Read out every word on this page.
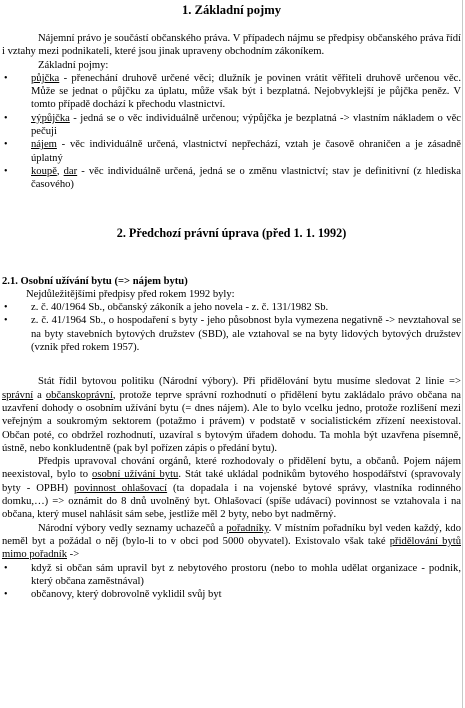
1. Základní pojmy

Nájemní právo je součástí občanského práva. V případech nájmu se předpisy občanského práva řídí i vztahy mezi podnikateli, které jsou jinak upraveny obchodním zákoníkem.

Základní pojmy:

• půjčka - přenechání druhově určené věci; dlužník je povinen vrátit věřiteli druhově určenou věc. Může se jednat o půjčku za úplatu, může však být i bezplatná. Nejobvyklejší je půjčka peněz. V tomto případě dochází k přechodu vlastnictví.
• výpůjčka - jedná se o věc individuálně určenou; výpůjčka je bezplatná -> vlastním nákladem o věc pečuji
• nájem - věc individuálně určená, vlastnictví nepřechází, vztah je časově ohraničen a je zásadně úplatný
• koupě, dar - věc individuálně určená, jedná se o změnu vlastnictví; stav je definitivní (z hlediska časového)
2. Předchozí právní úprava (před 1. 1. 1992)
2.1. Osobní užívání bytu (=> nájem bytu)

Nejdůležitějšími předpisy před rokem 1992 byly:

• z. č. 40/1964 Sb., občanský zákoník a jeho novela - z. č. 131/1982 Sb.
• z. č. 41/1964 Sb., o hospodaření s byty - jeho působnost byla vymezena negativně -> nevztahoval se na byty stavebních bytových družstev (SBD), ale vztahoval se na byty lidových bytových družstev (vznik před rokem 1957).

Stát řídil bytovou politiku (Národní výbory). Při přidělování bytu musíme sledovat 2 linie => správní a občanskoprávní, protože teprve správní rozhodnutí o přidělení bytu zakládalo právo občana na uzavření dohody o osobním užívání bytu (= dnes nájem). Ale to bylo vcelku jedno, protože rozlišení mezi veřejným a soukromým sektorem (potažmo i právem) v podstatě v socialistickém zřízení neexistoval. Občan poté, co obdržel rozhodnutí, uzavíral s bytovým úřadem dohodu. Ta mohla být uzavřena písemně, ústně, nebo konkludentně (pak byl pořízen zápis o předání bytu).

Předpis upravoval chování orgánů, které rozhodovaly o přidělení bytu, a občanů. Pojem nájem neexistoval, bylo to osobní užívání bytu. Stát také ukládal podnikům bytového hospodářství (spravovaly byty - OPBH) povinnost ohlašovací (ta dopadala i na vojenské bytové správy, vlastníka rodinného domku,…) => oznámit do 8 dnů uvolněný byt. Ohlašovací (spíše udávací) povinnost se vztahovala i na občana, který musel nahlásit sám sebe, jestliže měl 2 byty, nebo byt nadměrný.

Národní výbory vedly seznamy uchazečů a pořadníky. V místním pořadníku byl veden každý, kdo neměl byt a požádal o něj (bylo-li to v obci pod 5000 obyvatel). Existovalo však také přidělování bytů mimo pořadník ->

• když si občan sám upravil byt z nebytového prostoru (nebo to mohla udělat organizace - podnik, který občana zaměstnával)
• občanovy, který dobrovolně vyklidil svůj byt
